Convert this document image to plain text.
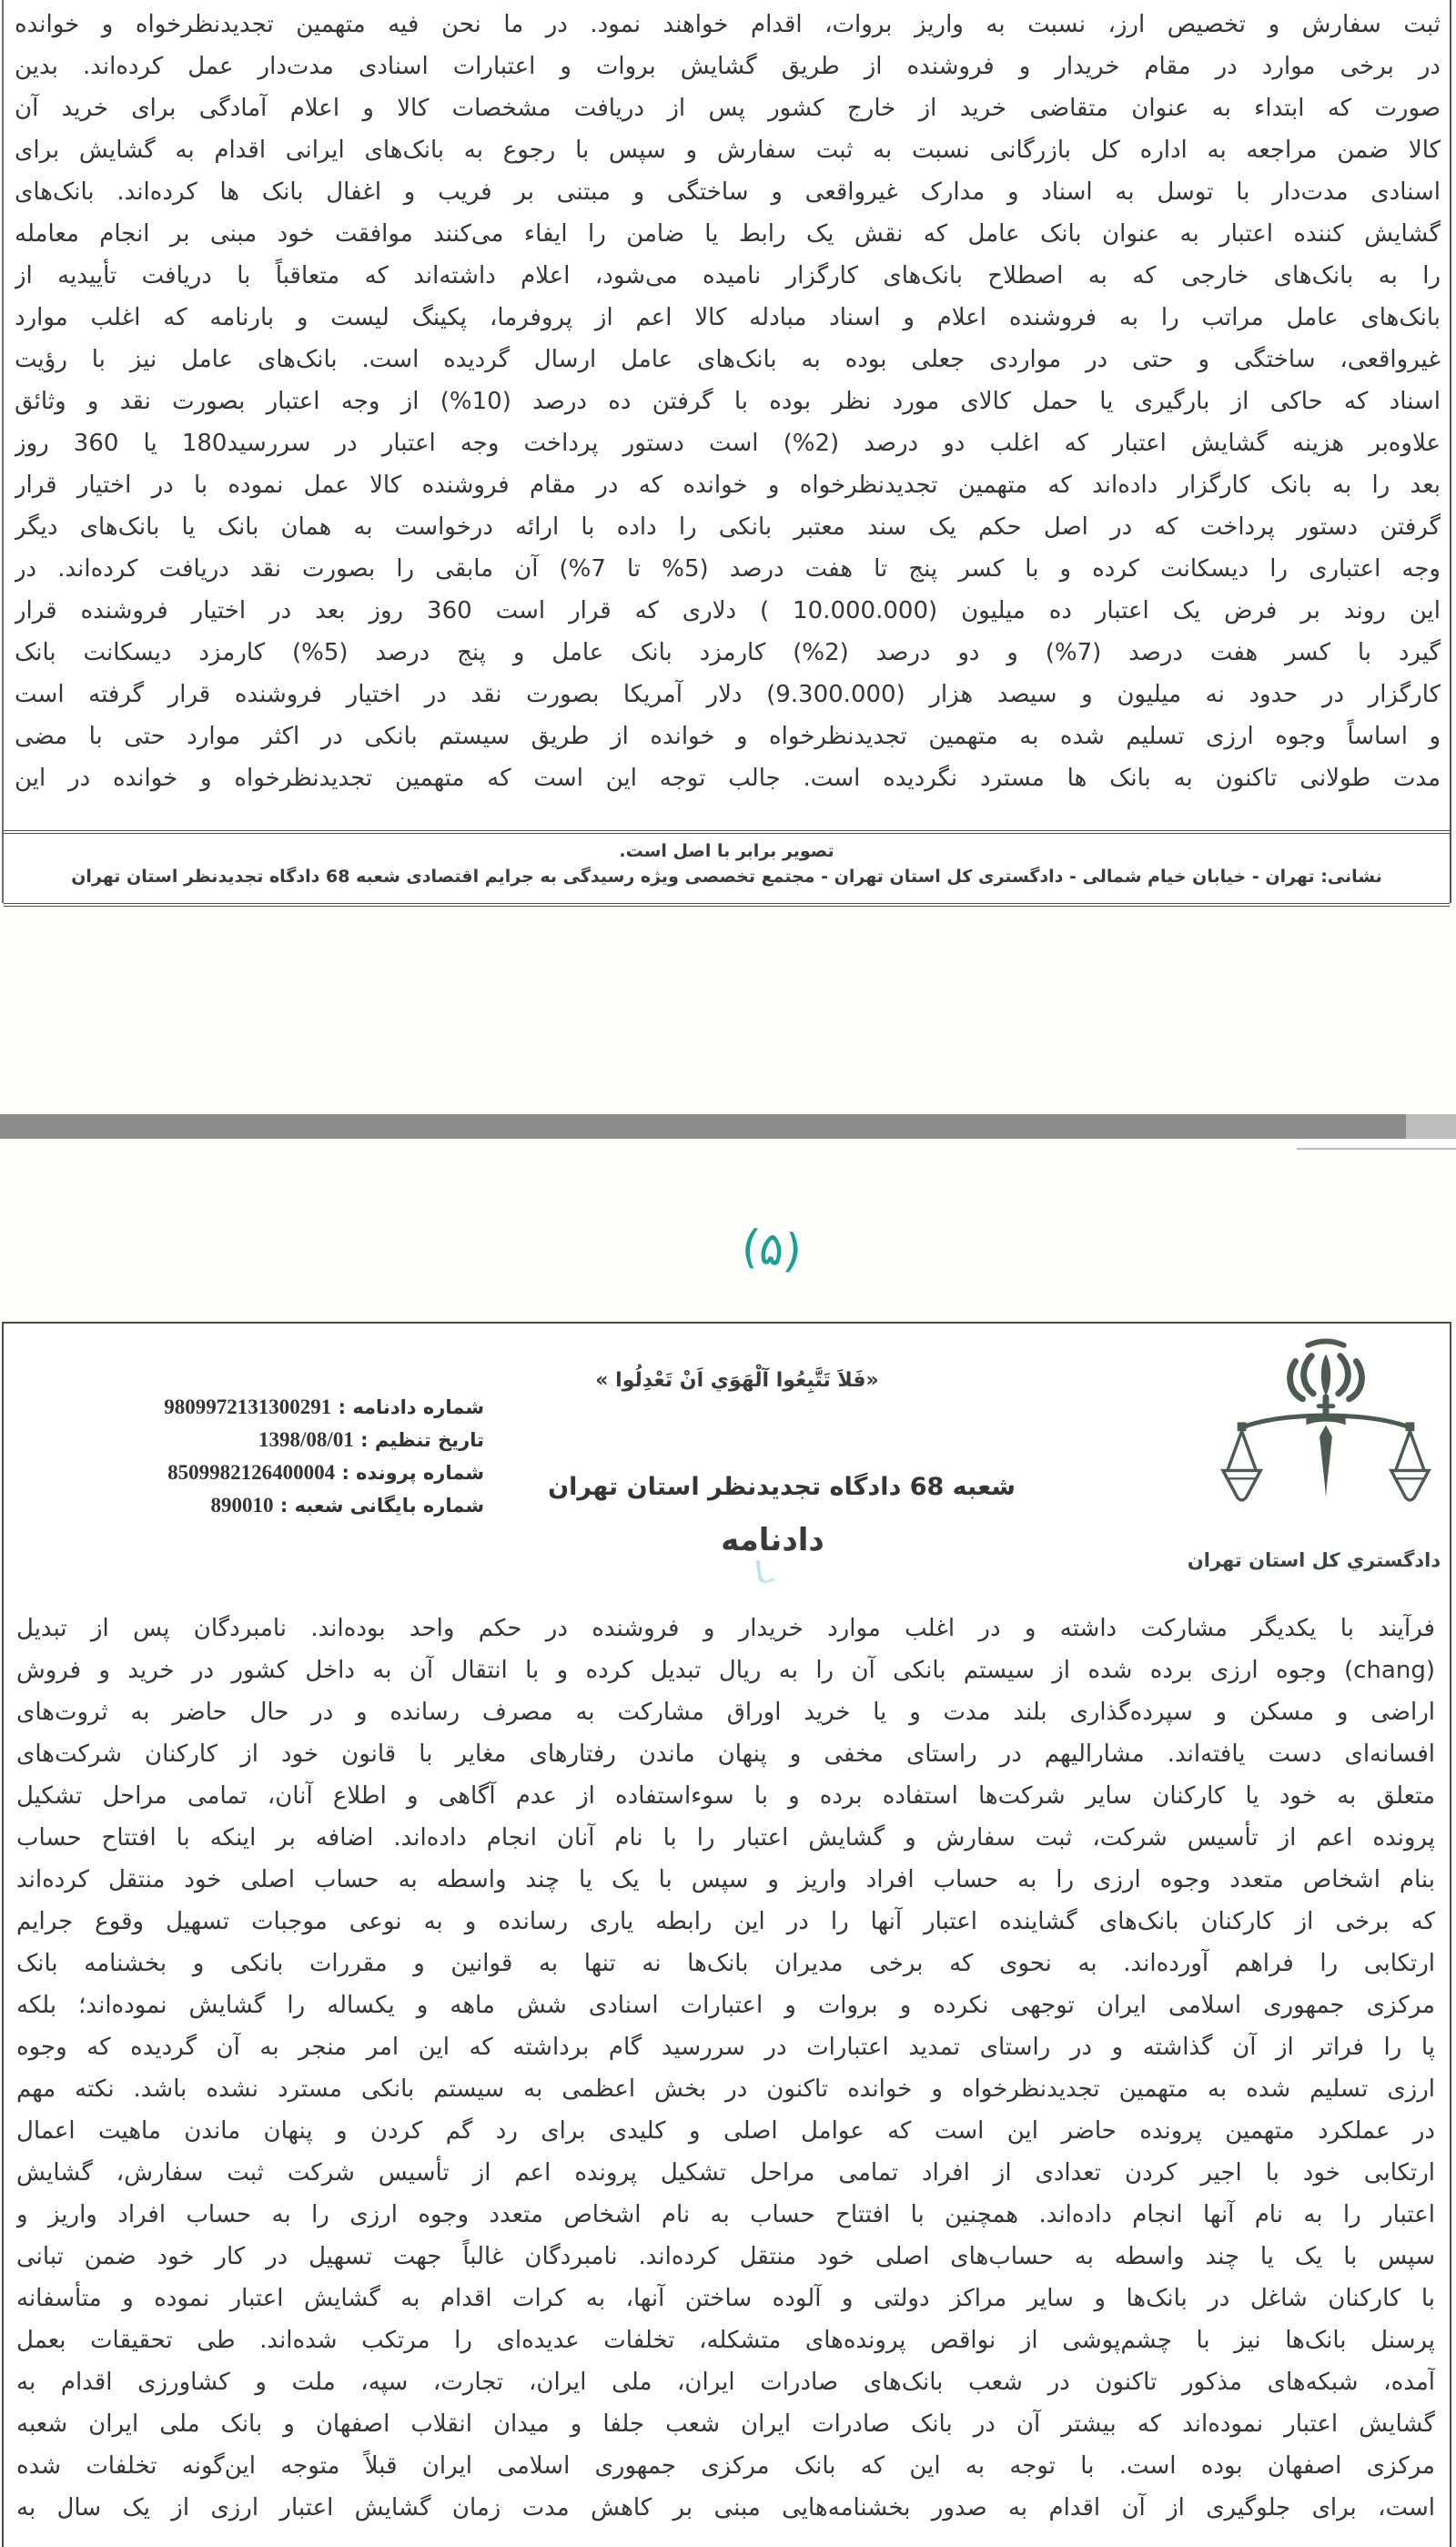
ثبت سفارش و تخصیص ارز، نسبت به واریز بروات، اقدام خواهند نمود. در ما نحن فیه متهمین تجدیدنظرخواه و خوانده
در برخی موارد در مقام خریدار و فروشنده از طریق گشایش بروات و اعتبارات اسنادی مدت‌دار عمل کرده‌اند. بدین
صورت که ابتداء به عنوان متقاضی خرید از خارج کشور پس از دریافت مشخصات کالا و اعلام آمادگی برای خرید آن
کالا ضمن مراجعه به اداره کل بازرگانی نسبت به ثبت سفارش و سپس با رجوع به بانک‌های ایرانی اقدام به گشایش برای
اسنادی مدت‌دار با توسل به اسناد و مدارک غیرواقعی و ساختگی و مبتنی بر فریب و اغفال بانک ها کرده‌اند. بانک‌های
گشایش کننده اعتبار به عنوان بانک عامل که نقش یک رابط یا ضامن را ایفاء می‌کنند موافقت خود مبنی بر انجام معامله
را به بانک‌های خارجی که به اصطلاح بانک‌های کارگزار نامیده می‌شود، اعلام داشته‌اند که متعاقباً با دریافت تأییدیه از
بانک‌های عامل مراتب را به فروشنده اعلام و اسناد مبادله کالا اعم از پروفرما، پکینگ لیست و بارنامه که اغلب موارد
غیرواقعی، ساختگی و حتی در مواردی جعلی بوده به بانک‌های عامل ارسال گردیده است. بانک‌های عامل نیز با رؤیت
اسناد که حاکی از بارگیری یا حمل کالای مورد نظر بوده با گرفتن ده درصد (10%) از وجه اعتبار بصورت نقد و وثائق
علاوه‌بر هزینه گشایش اعتبار که اغلب دو درصد (2%) است دستور پرداخت وجه اعتبار در سررسید180 یا 360 روز
بعد را به بانک کارگزار داده‌اند که متهمین تجدیدنظرخواه و خوانده که در مقام فروشنده کالا عمل نموده با در اختیار قرار
گرفتن دستور پرداخت که در اصل حکم یک سند معتبر بانکی را داده با ارائه درخواست به همان بانک یا بانک‌های دیگر
وجه اعتباری را دیسکانت کرده و با کسر پنج تا هفت درصد (5% تا 7%) آن مابقی را بصورت نقد دریافت کرده‌اند. در
این روند بر فرض یک اعتبار ده میلیون (10.000.000 ) دلاری که قرار است 360 روز بعد در اختیار فروشنده قرار
گیرد با کسر هفت درصد (7%) و دو درصد (2%) کارمزد بانک عامل و پنج درصد (5%) کارمزد دیسکانت بانک
کارگزار در حدود نه میلیون و سیصد هزار (9.300.000) دلار آمریکا بصورت نقد در اختیار فروشنده قرار گرفته است
و اساساً وجوه ارزی تسلیم شده به متهمین تجدیدنظرخواه و خوانده از طریق سیستم بانکی در اکثر موارد حتی با مضی
مدت طولانی تاکنون به بانک ها مسترد نگردیده است. جالب توجه این است که متهمین تجدیدنظرخواه و خوانده در این
تصویر برابر با اصل است.
نشانی: تهران - خیابان خیام شمالی - دادگستری کل استان تهران - مجتمع تخصصی ویژه رسیدگی به جرایم اقتصادی شعبه 68 دادگاه تجدیدنظر استان تهران
(۵)
دادگستري کل استان تهران
«فَلاَ تَتَّبِعُوا آلْهَوَي اَنْ تَعْدِلُوا »
شعبه 68 دادگاه تجدیدنظر استان تهران
دادنامه
شماره دادنامه : 9809972131300291
تاریخ تنظیم : 1398/08/01
شماره پرونده : 8509982126400004
شماره بایگانی شعبه : 890010
فرآیند با یکدیگر مشارکت داشته و در اغلب موارد خریدار و فروشنده در حکم واحد بوده‌اند. نامبردگان پس از تبدیل
(chang) وجوه ارزی برده شده از سیستم بانکی آن را به ریال تبدیل کرده و با انتقال آن به داخل کشور در خرید و فروش
اراضی و مسکن و سپرده‌گذاری بلند مدت و یا خرید اوراق مشارکت به مصرف رسانده و در حال حاضر به ثروت‌های
افسانه‌ای دست یافته‌اند. مشارالیهم در راستای مخفی و پنهان ماندن رفتارهای مغایر با قانون خود از کارکنان شرکت‌های
متعلق به خود یا کارکنان سایر شرکت‌ها استفاده برده و با سوءاستفاده از عدم آگاهی و اطلاع آنان، تمامی مراحل تشکیل
پرونده اعم از تأسیس شرکت، ثبت سفارش و گشایش اعتبار را با نام آنان انجام داده‌اند. اضافه بر اینکه با افتتاح حساب
بنام اشخاص متعدد وجوه ارزی را به حساب افراد واریز و سپس با یک یا چند واسطه به حساب اصلی خود منتقل کرده‌اند
که برخی از کارکنان بانک‌های گشاینده اعتبار آنها را در این رابطه یاری رسانده و به نوعی موجبات تسهیل وقوع جرایم
ارتکابی را فراهم آورده‌اند. به نحوی که برخی مدیران بانک‌ها نه تنها به قوانین و مقررات بانکی و بخشنامه بانک
مرکزی جمهوری اسلامی ایران توجهی نکرده و بروات و اعتبارات اسنادی شش ماهه و یکساله را گشایش نموده‌اند؛ بلکه
پا را فراتر از آن گذاشته و در راستای تمدید اعتبارات در سررسید گام برداشته که این امر منجر به آن گردیده که وجوه
ارزی تسلیم شده به متهمین تجدیدنظرخواه و خوانده تاکنون در بخش اعظمی به سیستم بانکی مسترد نشده باشد. نکته مهم
در عملکرد متهمین پرونده حاضر این است که عوامل اصلی و کلیدی برای رد گم کردن و پنهان ماندن ماهیت اعمال
ارتکابی خود با اجیر کردن تعدادی از افراد تمامی مراحل تشکیل پرونده اعم از تأسیس شرکت ثبت سفارش، گشایش
اعتبار را به نام آنها انجام داده‌اند. همچنین با افتتاح حساب به نام اشخاص متعدد وجوه ارزی را به حساب افراد واریز و
سپس با یک یا چند واسطه به حساب‌های اصلی خود منتقل کرده‌اند. نامبردگان غالباً جهت تسهیل در کار خود ضمن تبانی
با کارکنان شاغل در بانک‌ها و سایر مراکز دولتی و آلوده ساختن آنها، به کرات اقدام به گشایش اعتبار نموده و متأسفانه
پرسنل بانک‌ها نیز با چشم‌پوشی از نواقص پرونده‌های متشکله، تخلفات عدیده‌ای را مرتکب شده‌اند. طی تحقیقات بعمل
آمده، شبکه‌های مذکور تاکنون در شعب بانک‌های صادرات ایران، ملی ایران، تجارت، سپه، ملت و کشاورزی اقدام به
گشایش اعتبار نموده‌اند که بیشتر آن در بانک صادرات ایران شعب جلفا و میدان انقلاب اصفهان و بانک ملی ایران شعبه
مرکزی اصفهان بوده است. با توجه به این که بانک مرکزی جمهوری اسلامی ایران قبلاً متوجه این‌گونه تخلفات شده
است، برای جلوگیری از آن اقدام به صدور بخشنامه‌هایی مبنی بر کاهش مدت زمان گشایش اعتبار ارزی از یک سال به
